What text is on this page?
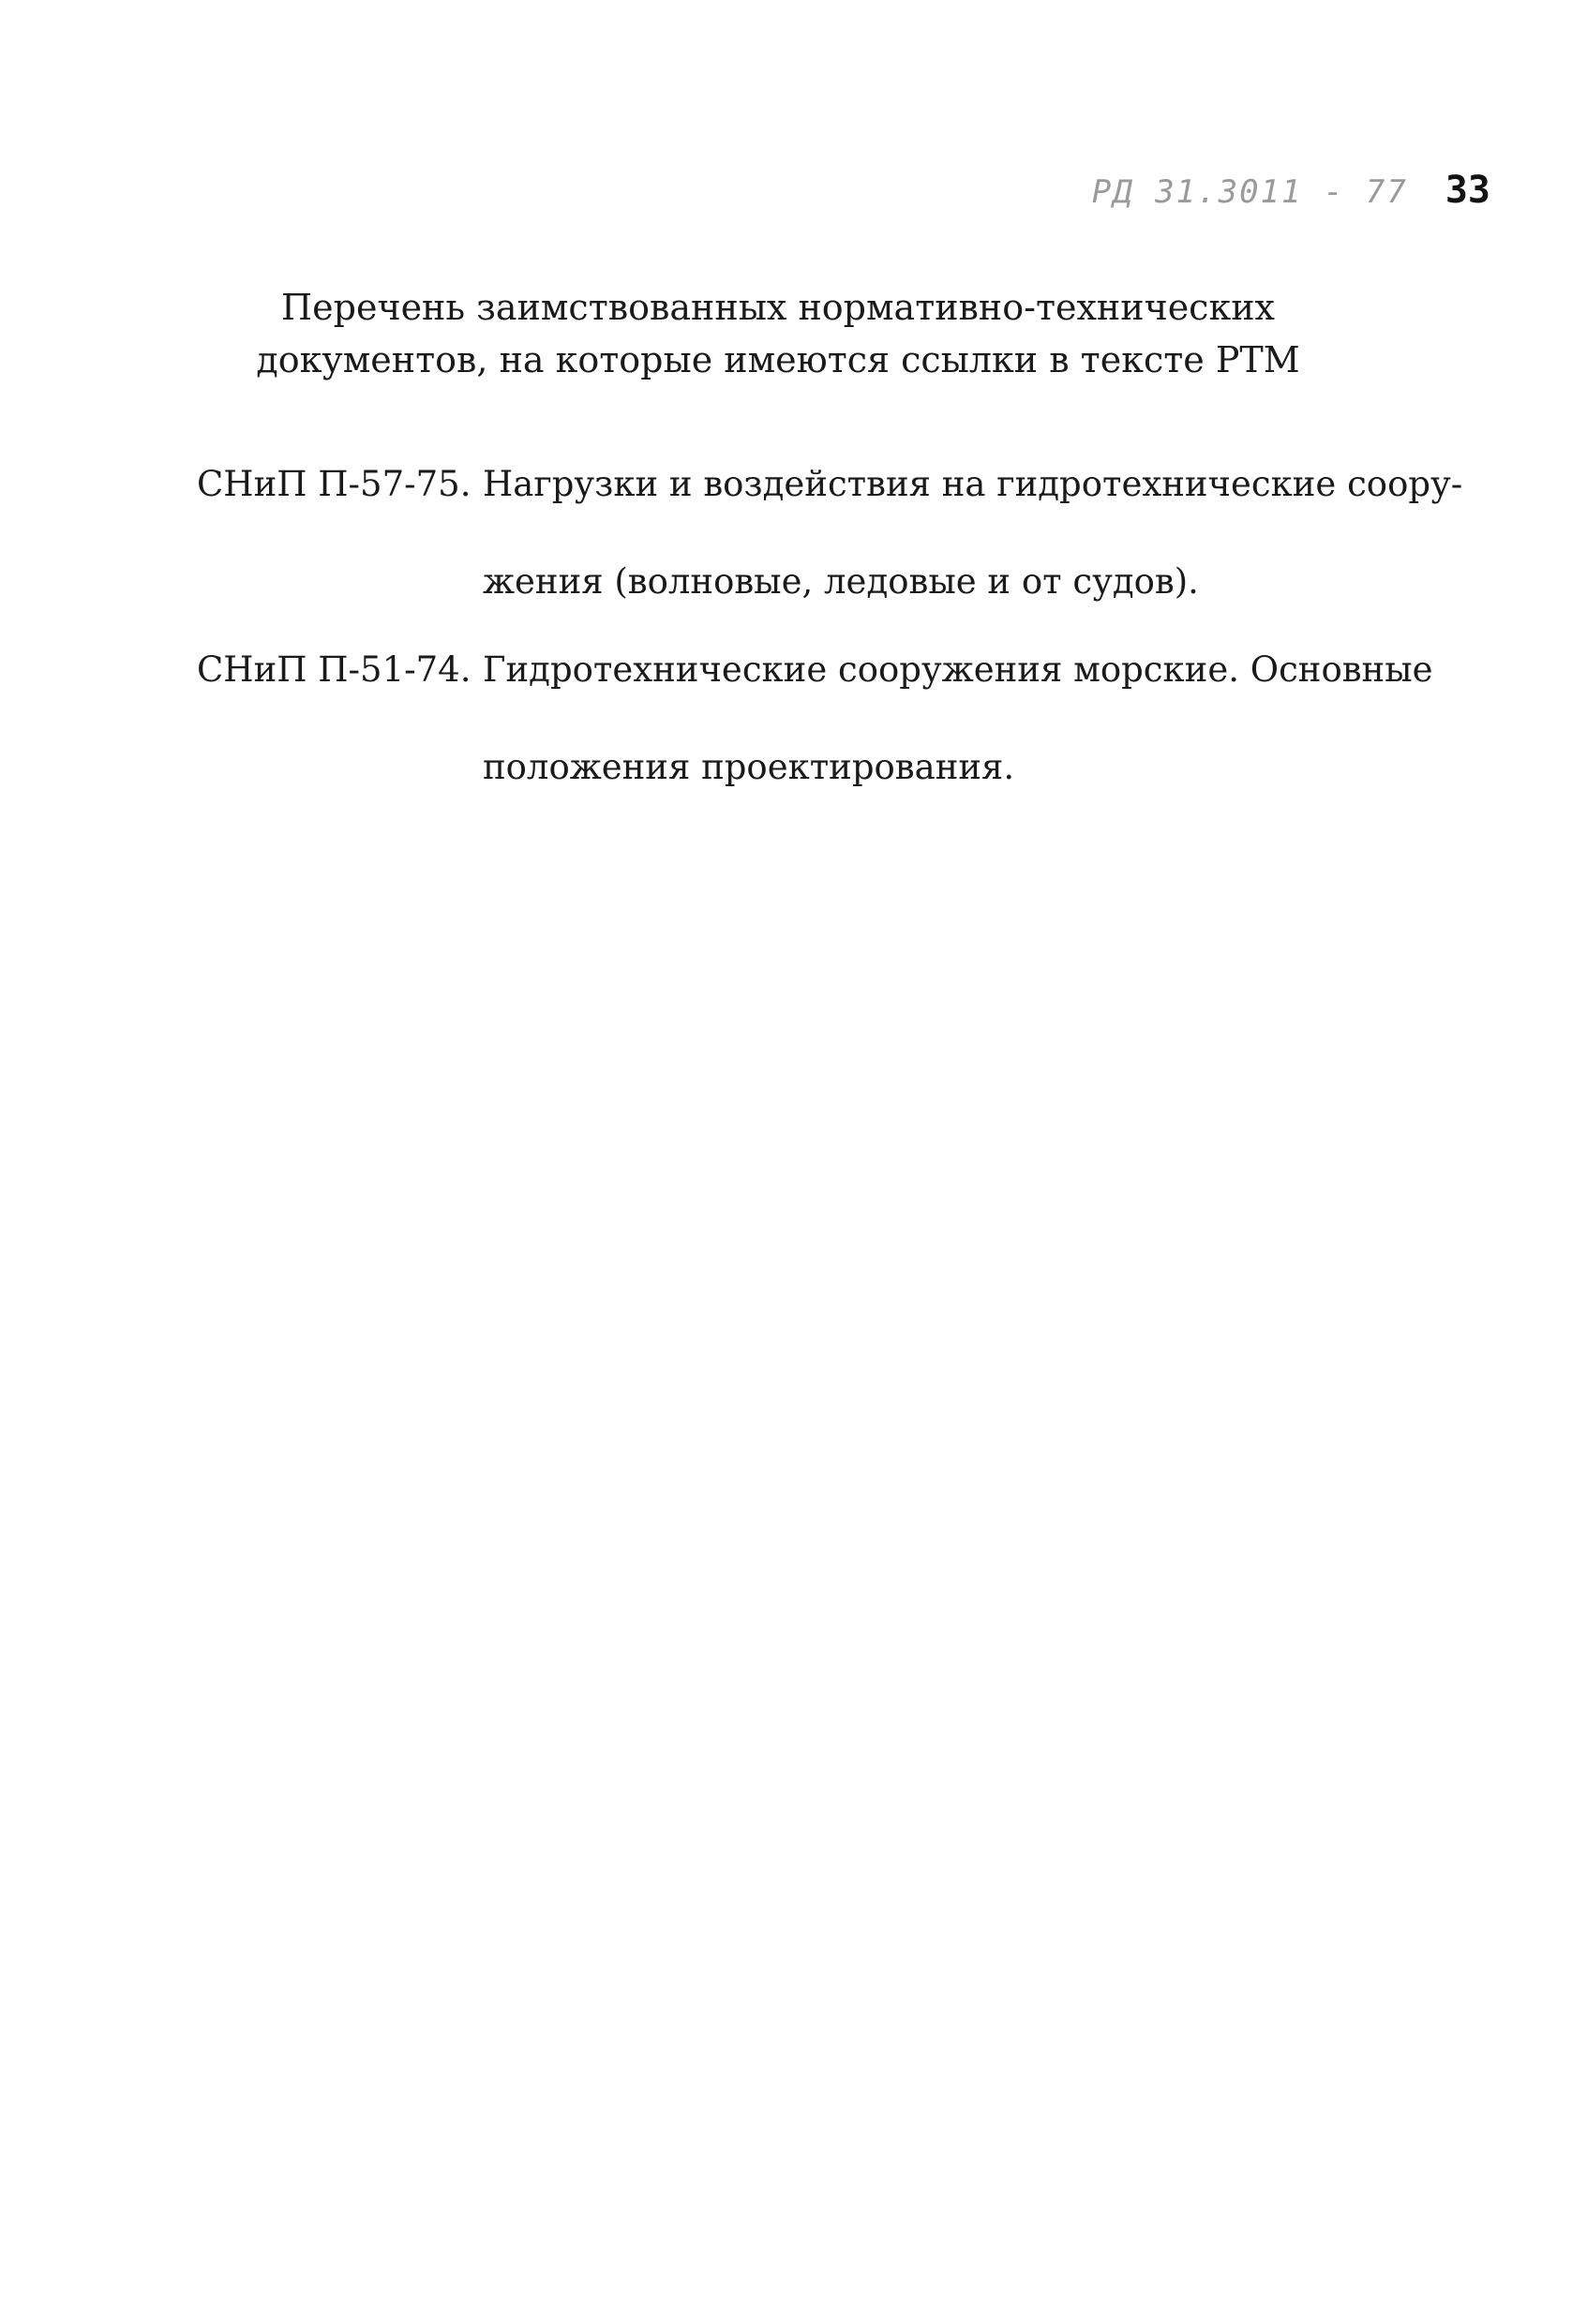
РД 31.3011 - 77 33
Перечень заимствованных нормативно-технических
документов, на которые имеются ссылки в тексте РТМ
СНиП П-57-75. Нагрузки и воздействия на гидротехнические соору-
жения (волновые, ледовые и от судов).
СНиП П-51-74. Гидротехнические сооружения морские. Основные
положения проектирования.
